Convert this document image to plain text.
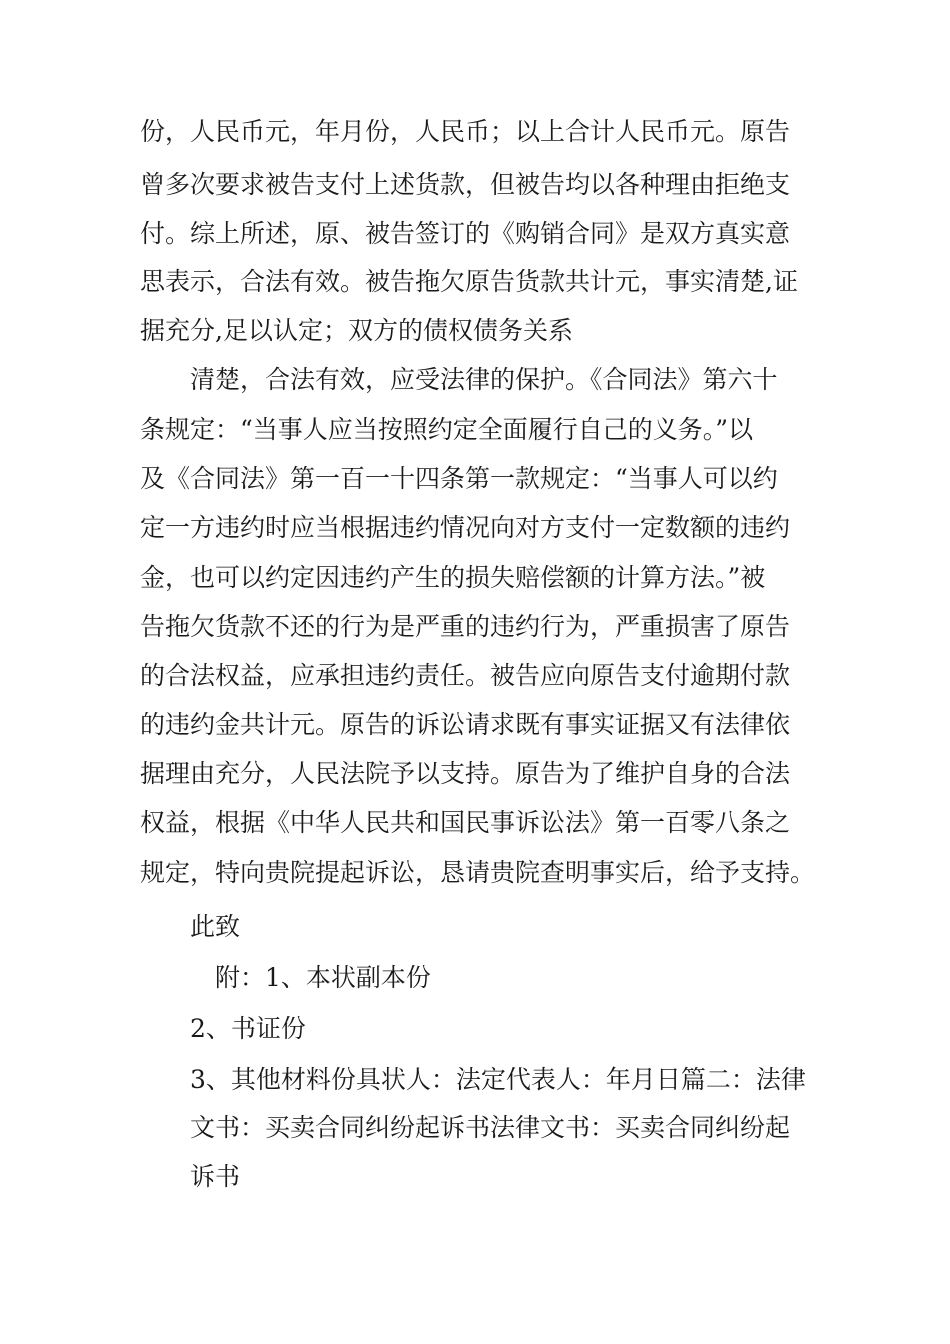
份，人民币元，年月份，人民币；以上合计人民币元。原告
曾多次要求被告支付上述货款，但被告均以各种理由拒绝支
付。综上所述，原、被告签订的《购销合同》是双方真实意
思表示，合法有效。被告拖欠原告货款共计元，事实清楚,证
据充分,足以认定；双方的债权债务关系
清楚，合法有效，应受法律的保护。《合同法》第六十
条规定：“当事人应当按照约定全面履行自己的义务。”以
及《合同法》第一百一十四条第一款规定：“当事人可以约
定一方违约时应当根据违约情况向对方支付一定数额的违约
金，也可以约定因违约产生的损失赔偿额的计算方法。”被
告拖欠货款不还的行为是严重的违约行为，严重损害了原告
的合法权益，应承担违约责任。被告应向原告支付逾期付款
的违约金共计元。原告的诉讼请求既有事实证据又有法律依
据理由充分，人民法院予以支持。原告为了维护自身的合法
权益，根据《中华人民共和国民事诉讼法》第一百零八条之
规定，特向贵院提起诉讼，恳请贵院查明事实后，给予支持。
此致
附：1、本状副本份
2、书证份
3、其他材料份具状人：法定代表人：年月日篇二：法律
文书：买卖合同纠纷起诉书法律文书：买卖合同纠纷起
诉书
